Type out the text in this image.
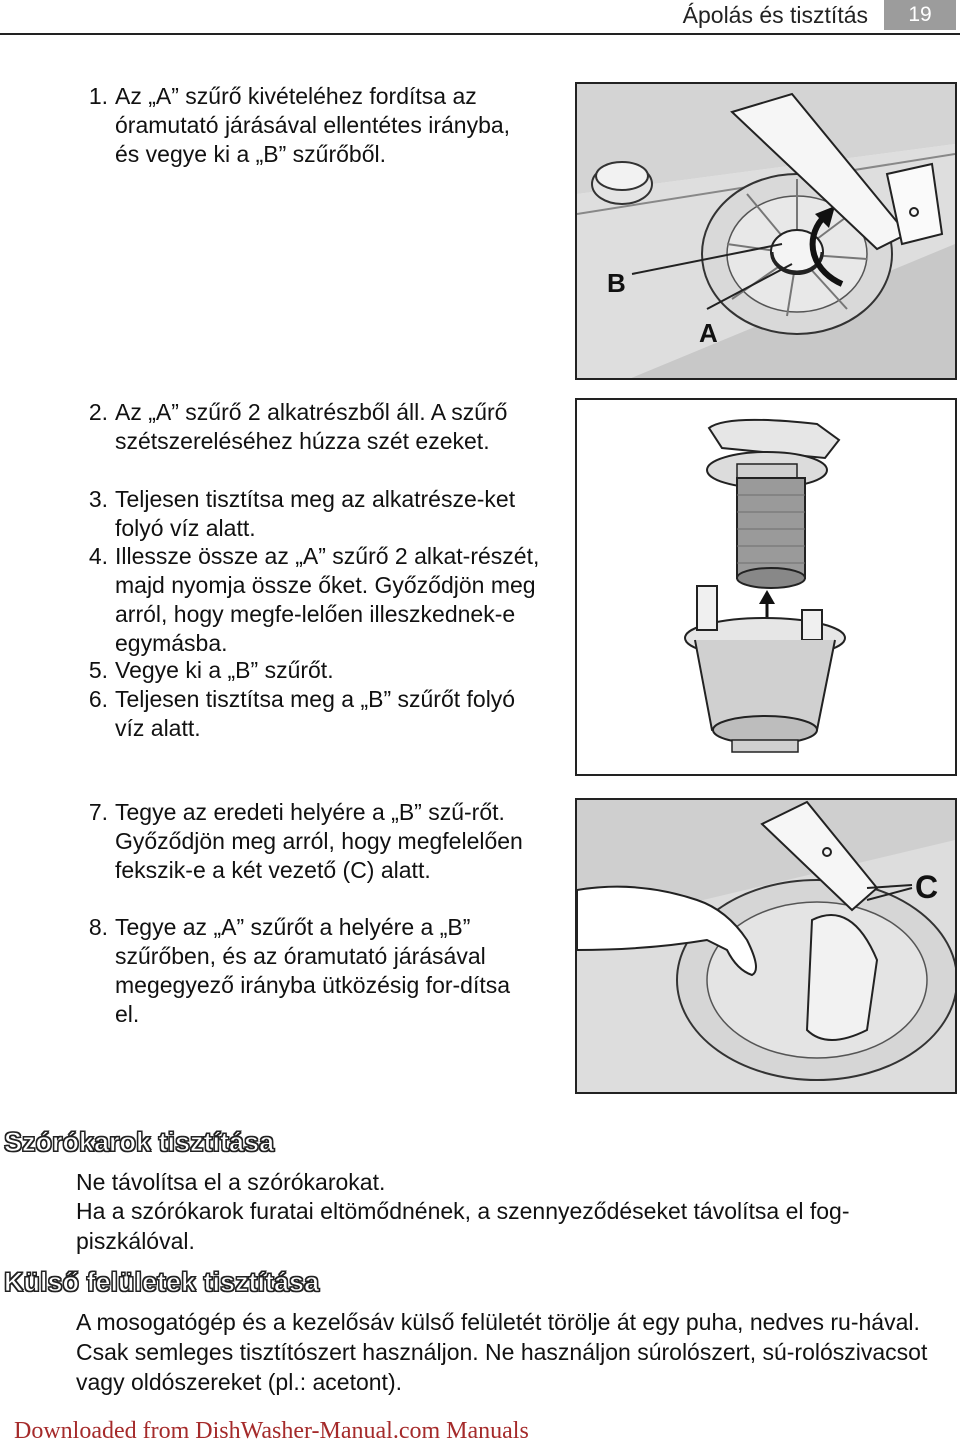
Ápolás és tisztítás	19
1. Az „A” szűrő kivételéhez fordítsa az óramutató járásával ellentétes irányba, és vegye ki a „B” szűrőből.
2. Az „A” szűrő 2 alkatrészből áll. A szűrő szétszereléséhez húzza szét ezeket.
3. Teljesen tisztítsa meg az alkatrésze-ket folyó víz alatt.
4. Illessze össze az „A” szűrő 2 alkat-részét, majd nyomja össze őket. Győződjön meg arról, hogy megfe-lelően illeszkednek-e egymásba.
5. Vegye ki a „B” szűrőt.
6. Teljesen tisztítsa meg a „B” szűrőt folyó víz alatt.
7. Tegye az eredeti helyére a „B” szű-rőt. Győződjön meg arról, hogy megfelelően fekszik-e a két vezető (C) alatt.
8. Tegye az „A” szűrőt a helyére a „B” szűrőben, és az óramutató járásával megegyező irányba ütközésig for-dítsa el.
B
A
C
Szórókarok tisztítása
Ne távolítsa el a szórókarokat.
Ha a szórókarok furatai eltömődnének, a szennyeződéseket távolítsa el fog-piszkálóval.
Külső felületek tisztítása
A mosogatógép és a kezelősáv külső felületét törölje át egy puha, nedves ru-hával. Csak semleges tisztítószert használjon. Ne használjon súrolószert, sú-rolószivacsot vagy oldószereket (pl.: acetont).
Downloaded from DishWasher-Manual.com Manuals
